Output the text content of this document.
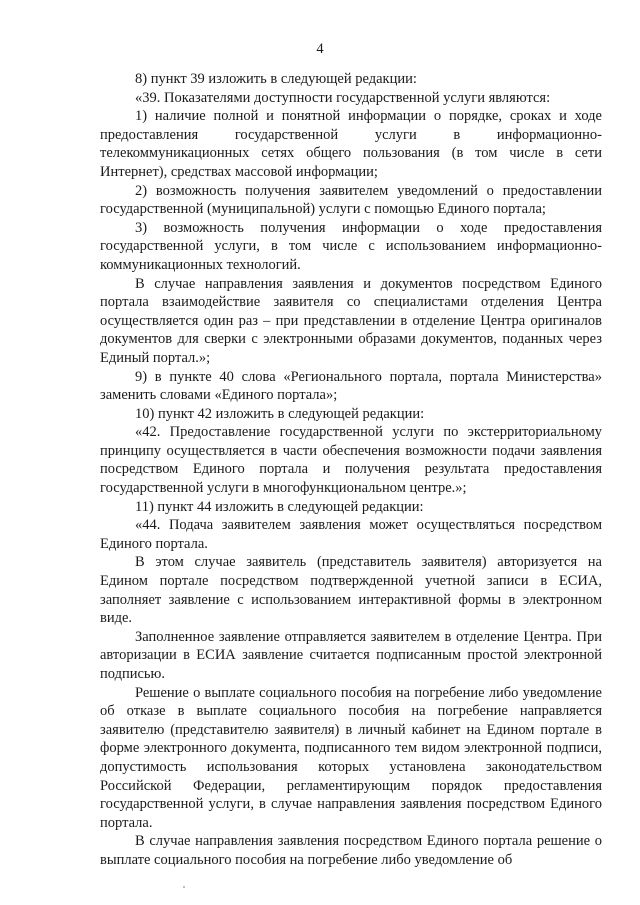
4

8) пункт 39 изложить в следующей редакции:

«39. Показателями доступности государственной услуги являются:

1) наличие полной и понятной информации о порядке, сроках и ходе предоставления государственной услуги в информационно-телекоммуникационных сетях общего пользования (в том числе в сети Интернет), средствах массовой информации;

2) возможность получения заявителем уведомлений о предоставлении государственной (муниципальной) услуги с помощью Единого портала;

3) возможность получения информации о ходе предоставления государственной услуги, в том числе с использованием информационно-коммуникационных технологий.

В случае направления заявления и документов посредством Единого портала взаимодействие заявителя со специалистами отделения Центра осуществляется один раз – при представлении в отделение Центра оригиналов документов для сверки с электронными образами документов, поданных через Единый портал.»;

9) в пункте 40 слова «Регионального портала, портала Министерства» заменить словами «Единого портала»;

10) пункт 42 изложить в следующей редакции:

«42. Предоставление государственной услуги по экстерриториальному принципу осуществляется в части обеспечения возможности подачи заявления посредством Единого портала и получения результата предоставления государственной услуги в многофункциональном центре.»;

11) пункт 44 изложить в следующей редакции:

«44. Подача заявителем заявления может осуществляться посредством Единого портала.

В этом случае заявитель (представитель заявителя) авторизуется на Едином портале посредством подтвержденной учетной записи в ЕСИА, заполняет заявление с использованием интерактивной формы в электронном виде.

Заполненное заявление отправляется заявителем в отделение Центра. При авторизации в ЕСИА заявление считается подписанным простой электронной подписью.

Решение о выплате социального пособия на погребение либо уведомление об отказе в выплате социального пособия на погребение направляется заявителю (представителю заявителя) в личный кабинет на Едином портале в форме электронного документа, подписанного тем видом электронной подписи, допустимость использования которых установлена законодательством Российской Федерации, регламентирующим порядок предоставления государственной услуги, в случае направления заявления посредством Единого портала.

В случае направления заявления посредством Единого портала решение о выплате социального пособия на погребение либо уведомление об
